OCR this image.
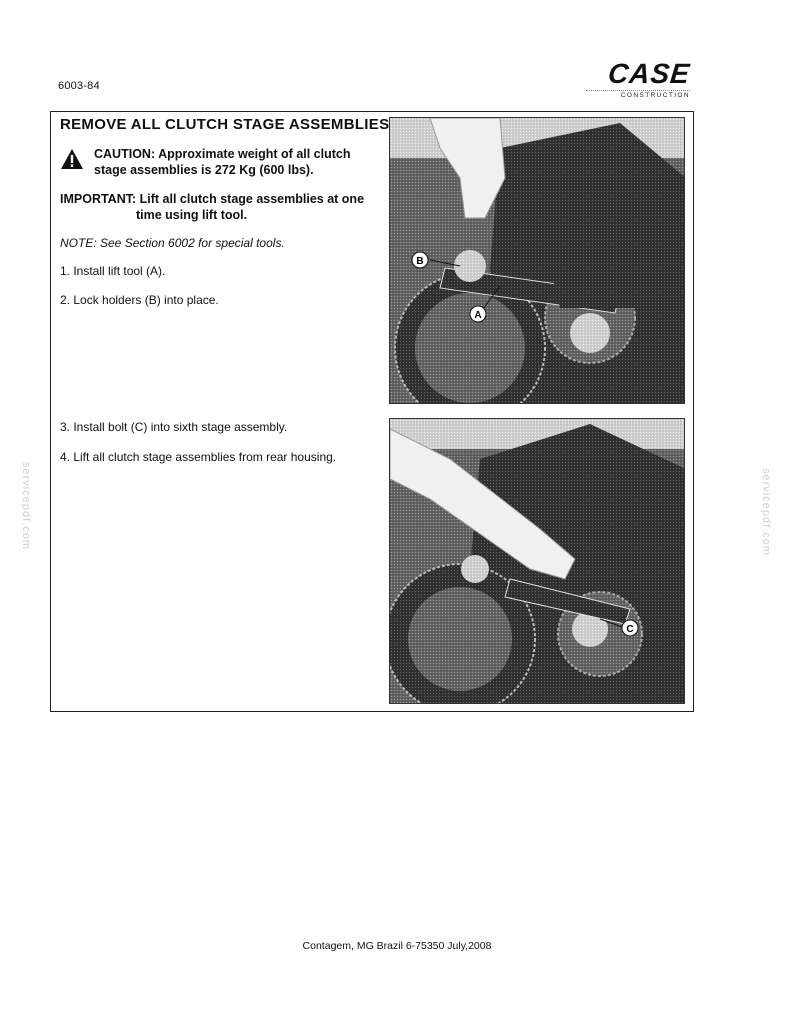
6003-84	CASE
CONSTRUCTION
servicepdf.com	servicepdf.com
REMOVE ALL CLUTCH STAGE ASSEMBLIES
CAUTION: Approximate weight of all clutch
stage assemblies is 272 Kg (600 lbs).
IMPORTANT: Lift all clutch stage assemblies at one
time using lift tool.
NOTE: See Section 6002 for special tools.
1. Install lift tool (A).
2. Lock holders (B) into place.
3. Install bolt (C) into sixth stage assembly.
4. Lift all clutch stage assemblies from rear housing.
B
A
C
Contagem, MG Brazil 6-75350 July,2008
